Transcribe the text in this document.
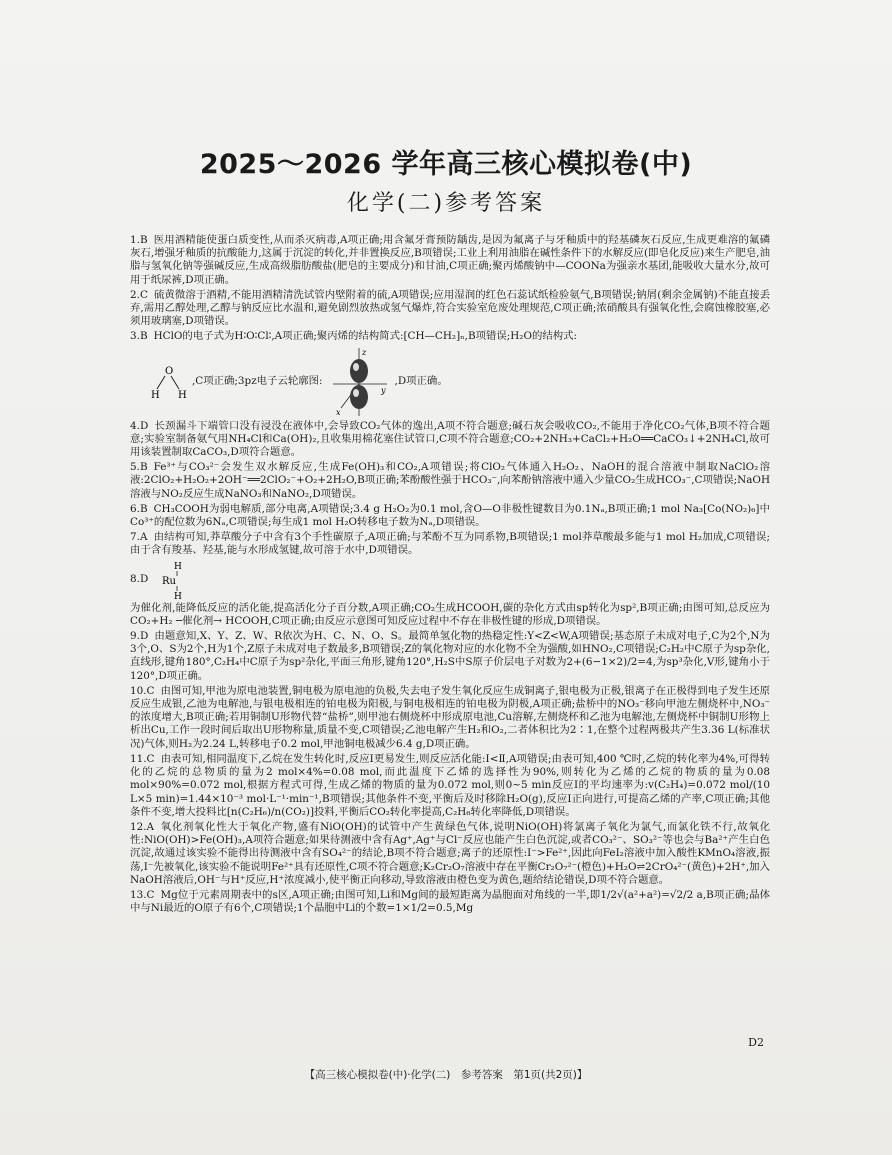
2025～2026 学年高三核心模拟卷(中)
化学(二)参考答案

1.B 医用酒精能使蛋白质变性,从而杀灭病毒,A项正确;用含氟牙膏预防龋齿,是因为氟离子与牙釉质中的羟基磷灰石反应,生成更难溶的氟磷灰石,增强牙釉质的抗酸能力,这属于沉淀的转化,并非置换反应,B项错误;工业上利用油脂在碱性条件下的水解反应(即皂化反应)来生产肥皂,油脂与氢氧化钠等强碱反应,生成高级脂肪酸盐(肥皂的主要成分)和甘油,C项正确;聚丙烯酸钠中—COONa为强亲水基团,能吸收大量水分,故可用于纸尿裤,D项正确。

2.C 硫黄微溶于酒精,不能用酒精清洗试管内壁附着的硫,A项错误;应用湿润的红色石蕊试纸检验氨气,B项错误;钠屑(剩余金属钠)不能直接丢弃,需用乙醇处理,乙醇与钠反应比水温和,避免剧烈放热或氢气爆炸,符合实验室危废处理规范,C项正确;浓硝酸具有强氧化性,会腐蚀橡胶塞,必须用玻璃塞,D项错误。

3.B HClO的电子式为H∶O∶Cl∶,A项正确;聚丙烯的结构简式:[CH—CH₂]ₙ,B项错误;H₂O的结构式:

O
H H
,C项正确;3pz电子云轮廓图:
z
y
x
,D项正确。

4.D 长颈漏斗下端管口没有浸没在液体中,会导致CO₂气体的逸出,A项不符合题意;碱石灰会吸收CO₂,不能用于净化CO₂气体,B项不符合题意;实验室制备氨气用NH₄Cl和Ca(OH)₂,且收集用棉花塞住试管口,C项不符合题意;CO₂+2NH₃+CaCl₂+H₂O══CaCO₃↓+2NH₄Cl,故可用该装置制取CaCO₃,D项符合题意。

5.B Fe³⁺与CO₃²⁻会发生双水解反应,生成Fe(OH)₃和CO₂,A项错误;将ClO₂气体通入H₂O₂、NaOH的混合溶液中制取NaClO₂溶液:2ClO₂+H₂O₂+2OH⁻══2ClO₂⁻+O₂+2H₂O,B项正确;苯酚酸性强于HCO₃⁻,向苯酚钠溶液中通入少量CO₂生成HCO₃⁻,C项错误;NaOH溶液与NO₂反应生成NaNO₃和NaNO₂,D项错误。

6.B CH₃COOH为弱电解质,部分电离,A项错误;3.4 g H₂O₂为0.1 mol,含O—O非极性键数目为0.1Nₐ,B项正确;1 mol Na₃[Co(NO₂)₆]中Co³⁺的配位数为6Nₐ,C项错误;每生成1 mol H₂O转移电子数为Nₐ,D项错误。

7.A 由结构可知,莽草酸分子中含有3个手性碳原子,A项正确;与苯酚不互为同系物,B项错误;1 mol莽草酸最多能与1 mol H₂加成,C项错误;由于含有羧基、羟基,能与水形成氢键,故可溶于水中,D项错误。

8 . D
H
Ru
H

为催化剂,能降低反应的活化能,提高活化分子百分数,A项正确;CO₂生成HCOOH,碳的杂化方式由sp转化为sp²,B项正确;由图可知,总反应为CO₂+H₂ ─催化剂→ HCOOH,C项正确;由反应示意图可知反应过程中不存在非极性键的形成,D项错误。

9.D 由题意知,X、Y、Z、W、R依次为H、C、N、O、S。最简单氢化物的热稳定性:Y<Z<W,A项错误;基态原子未成对电子,C为2个,N为3个,O、S为2个,H为1个,Z原子未成对电子数最多,B项错误;Z的氧化物对应的水化物不全为强酸,如HNO₂,C项错误;C₂H₂中C原子为sp杂化,直线形,键角180°,C₂H₄中C原子为sp²杂化,平面三角形,键角120°,H₂S中S原子价层电子对数为2+(6−1×2)/2=4,为sp³杂化,V形,键角小于120°,D项正确。

10.C 由图可知,甲池为原电池装置,铜电极为原电池的负极,失去电子发生氧化反应生成铜离子,银电极为正极,银离子在正极得到电子发生还原反应生成银,乙池为电解池,与银电极相连的铂电极为阳极,与铜电极相连的铂电极为阴极,A项正确;盐桥中的NO₃⁻移向甲池左侧烧杯中,NO₃⁻的浓度增大,B项正确;若用铜制U形物代替“盐桥”,则甲池右侧烧杯中形成原电池,Cu溶解,左侧烧杯和乙池为电解池,左侧烧杯中铜制U形物上析出Cu,工作一段时间后取出U形物称量,质量不变,C项错误;乙池电解产生H₂和O₂,二者体积比为2∶1,在整个过程两极共产生3.36 L(标准状况)气体,则H₂为2.24 L,转移电子0.2 mol,甲池铜电极减少6.4 g,D项正确。

11.C 由表可知,相同温度下,乙烷在发生转化时,反应Ⅰ更易发生,则反应活化能:Ⅰ<Ⅱ,A项错误;由表可知,400 ℃时,乙烷的转化率为4%,可得转化的乙烷的总物质的量为2 mol×4%=0.08 mol,而此温度下乙烯的选择性为90%,则转化为乙烯的乙烷的物质的量为0.08 mol×90%=0.072 mol,根据方程式可得,生成乙烯的物质的量为0.072 mol,则0~5 min反应Ⅰ的平均速率为:v(C₂H₄)=0.072 mol/(10 L×5 min)=1.44×10⁻³ mol·L⁻¹·min⁻¹,B项错误;其他条件不变,平衡后及时移除H₂O(g),反应Ⅰ正向进行,可提高乙烯的产率,C项正确;其他条件不变,增大投料比[n(C₂H₆)/n(CO₂)]投料,平衡后CO₂转化率提高,C₂H₆转化率降低,D项错误。

12.A 氧化剂氧化性大于氧化产物,盛有NiO(OH)的试管中产生黄绿色气体,说明NiO(OH)将氯离子氧化为氯气,而氯化铁不行,故氧化性:NiO(OH)>Fe(OH)₃,A项符合题意;如果待测液中含有Ag⁺,Ag⁺与Cl⁻反应也能产生白色沉淀,或者CO₃²⁻、SO₃²⁻等也会与Ba²⁺产生白色沉淀,故通过该实验不能得出待测液中含有SO₄²⁻的结论,B项不符合题意;离子的还原性:I⁻>Fe²⁺,因此向FeI₂溶液中加入酸性KMnO₄溶液,振荡,I⁻先被氧化,该实验不能说明Fe²⁺具有还原性,C项不符合题意;K₂Cr₂O₇溶液中存在平衡Cr₂O₇²⁻(橙色)+H₂O⇌2CrO₄²⁻(黄色)+2H⁺,加入NaOH溶液后,OH⁻与H⁺反应,H⁺浓度减小,使平衡正向移动,导致溶液由橙色变为黄色,题给结论错误,D项不符合题意。

13.C Mg位于元素周期表中的s区,A项正确;由图可知,Li和Mg间的最短距离为晶胞面对角线的一半,即1/2√(a²+a²)=√2/2 a,B项正确;晶体中与Ni最近的O原子有6个,C项错误;1个晶胞中Li的个数=1×1/2=0.5,Mg

D2
【高三核心模拟卷(中)·化学(二)　参考答案　第1页(共2页)】
